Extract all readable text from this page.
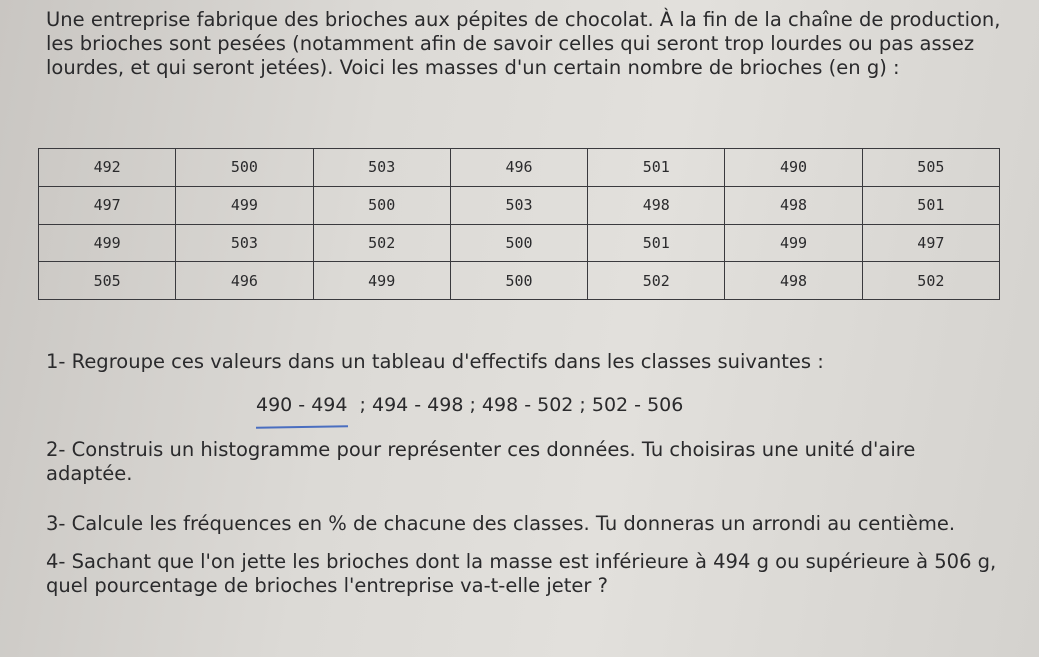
Une entreprise fabrique des brioches aux pépites de chocolat. À la fin de la chaîne de production, les brioches sont pesées (notamment afin de savoir celles qui seront trop lourdes ou pas assez lourdes, et qui seront jetées). Voici les masses d'un certain nombre de brioches (en g) :

492	500	503	496	501	490	505
497	499	500	503	498	498	501
499	503	502	500	501	499	497
505	496	499	500	502	498	502

1- Regroupe ces valeurs dans un tableau d'effectifs dans les classes suivantes :

490 - 494  ; 494 - 498 ; 498 - 502 ; 502 - 506

2- Construis un histogramme pour représenter ces données. Tu choisiras une unité d'aire adaptée.

3- Calcule les fréquences en % de chacune des classes. Tu donneras un arrondi au centième.

4- Sachant que l'on jette les brioches dont la masse est inférieure à 494 g ou supérieure à 506 g, quel pourcentage de brioches l'entreprise va-t-elle jeter ?
